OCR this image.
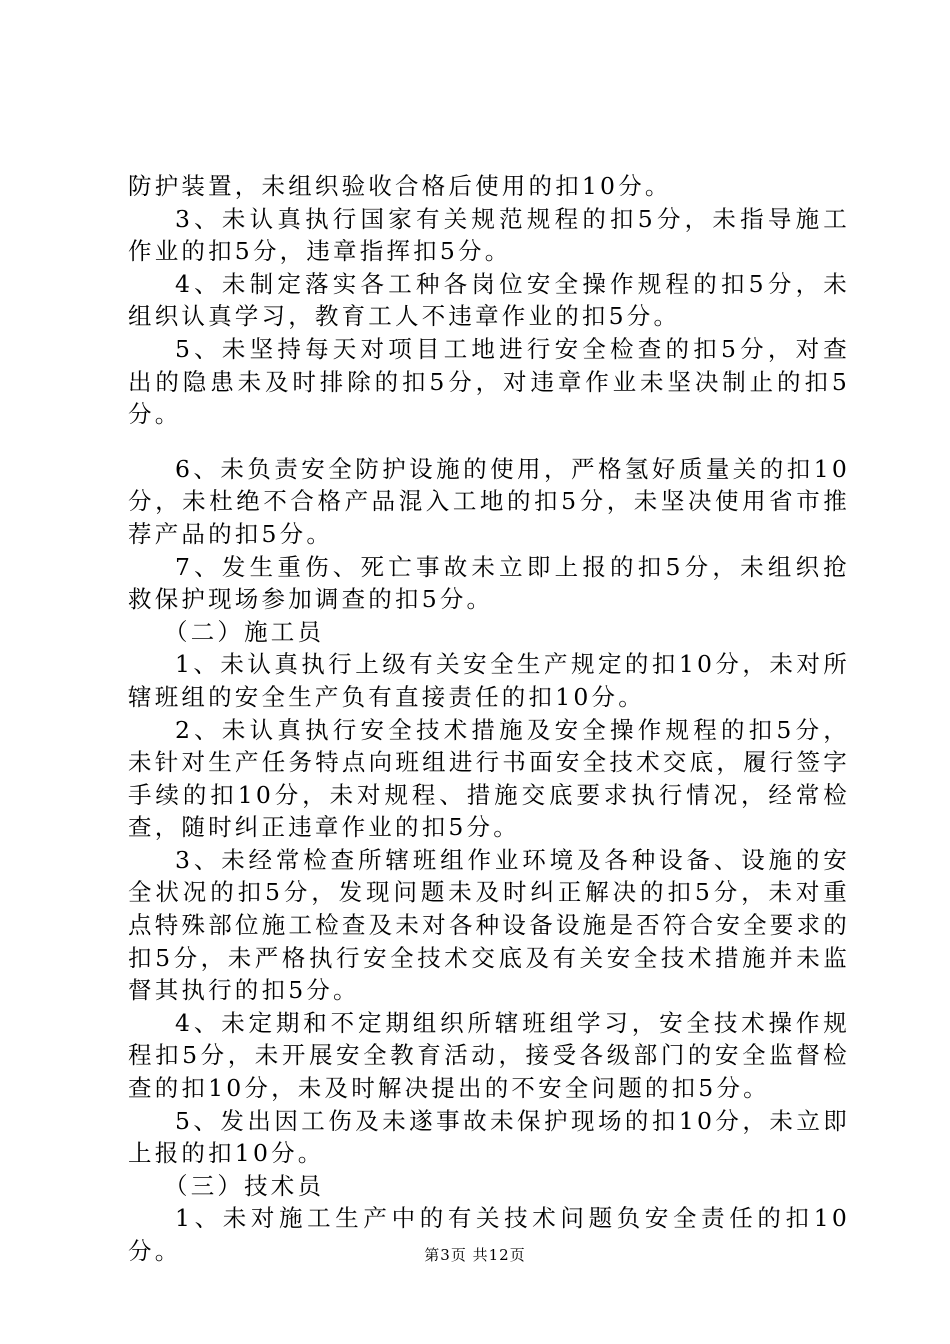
防护装置，未组织验收合格后使用的扣10分。

3、未认真执行国家有关规范规程的扣5分，未指导施工作业的扣5分，违章指挥扣5分。

4、未制定落实各工种各岗位安全操作规程的扣5分，未组织认真学习，教育工人不违章作业的扣5分。

5、未坚持每天对项目工地进行安全检查的扣5分，对查出的隐患未及时排除的扣5分，对违章作业未坚决制止的扣5分。

6、未负责安全防护设施的使用，严格氢好质量关的扣10分，未杜绝不合格产品混入工地的扣5分，未坚决使用省市推荐产品的扣5分。

7、发生重伤、死亡事故未立即上报的扣5分，未组织抢救保护现场参加调查的扣5分。

（二）施工员

1、未认真执行上级有关安全生产规定的扣10分，未对所辖班组的安全生产负有直接责任的扣10分。

2、未认真执行安全技术措施及安全操作规程的扣5分，未针对生产任务特点向班组进行书面安全技术交底，履行签字手续的扣10分，未对规程、措施交底要求执行情况，经常检查，随时纠正违章作业的扣5分。

3、未经常检查所辖班组作业环境及各种设备、设施的安全状况的扣5分，发现问题未及时纠正解决的扣5分，未对重点特殊部位施工检查及未对各种设备设施是否符合安全要求的扣5分，未严格执行安全技术交底及有关安全技术措施并未监督其执行的扣5分。

4、未定期和不定期组织所辖班组学习，安全技术操作规程扣5分，未开展安全教育活动，接受各级部门的安全监督检查的扣10分，未及时解决提出的不安全问题的扣5分。

5、发出因工伤及未遂事故未保护现场的扣10分，未立即上报的扣10分。

（三）技术员

1、未对施工生产中的有关技术问题负安全责任的扣10分。	第3页 共12页
